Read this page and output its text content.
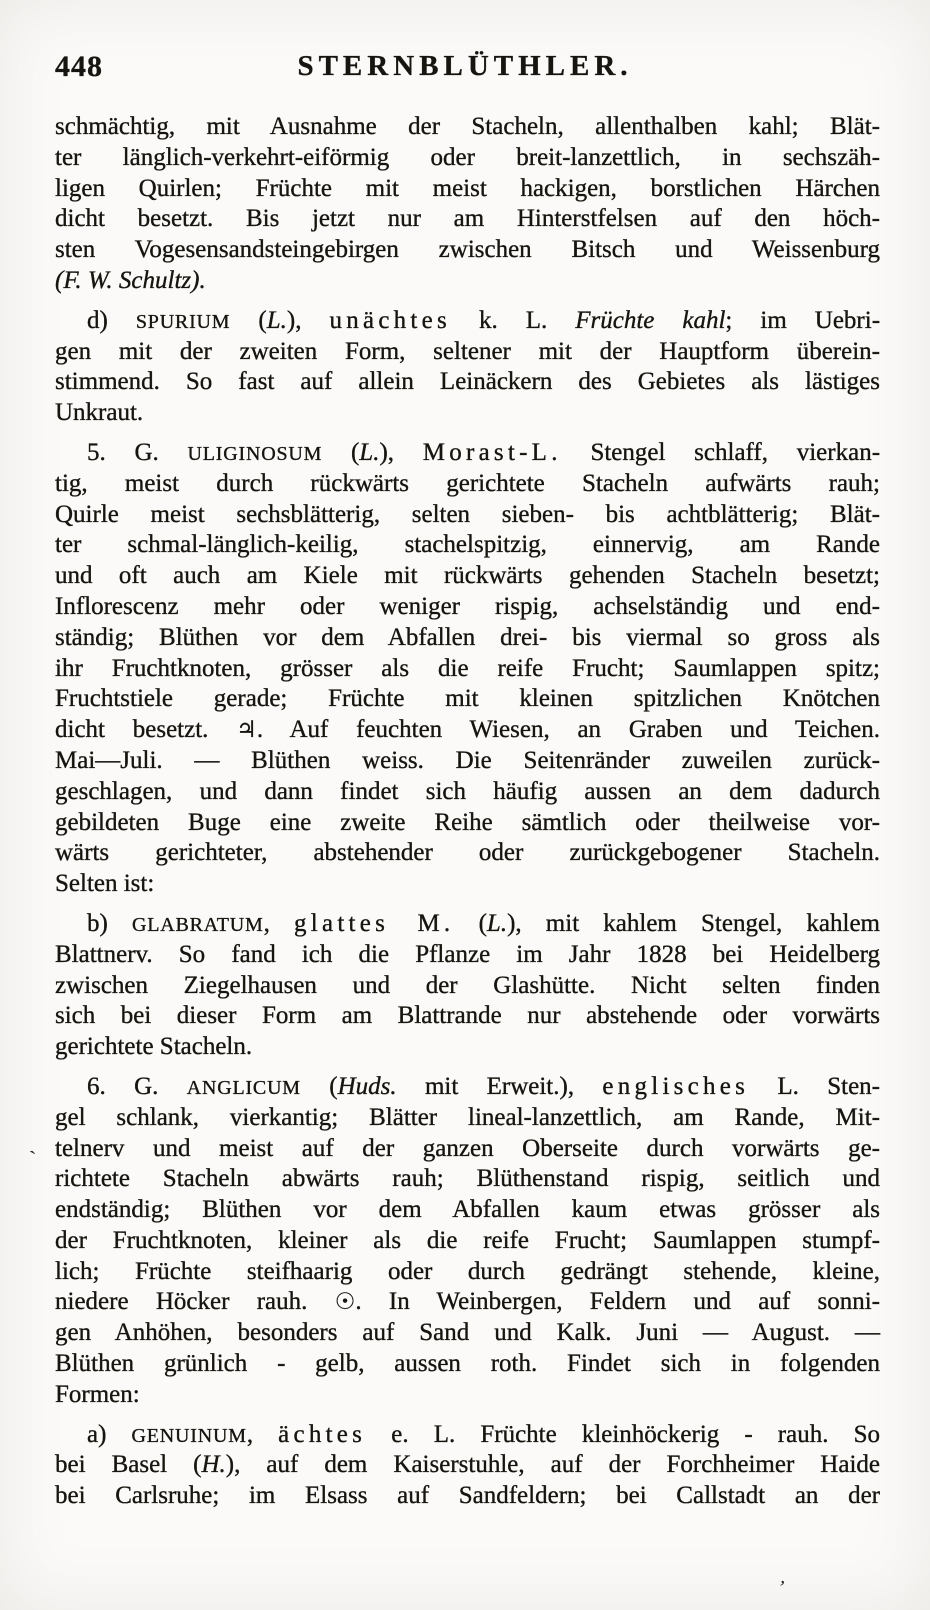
448	STERNBLÜTHLER.
schmächtig, mit Ausnahme der Stacheln, allenthalben kahl; Blät-
ter länglich-verkehrt-eiförmig oder breit-lanzettlich, in sechszäh-
ligen Quirlen; Früchte mit meist hackigen, borstlichen Härchen
dicht besetzt. Bis jetzt nur am Hinterstfelsen auf den höch-
sten Vogesensandsteingebirgen zwischen Bitsch und Weissenburg
(F. W. Schultz).
d) SPURIUM (L.), unächtes k. L. Früchte kahl; im Uebri-
gen mit der zweiten Form, seltener mit der Hauptform überein-
stimmend. So fast auf allein Leinäckern des Gebietes als lästiges
Unkraut.
5. G. ULIGINOSUM (L.), Morast-L. Stengel schlaff, vierkan-
tig, meist durch rückwärts gerichtete Stacheln aufwärts rauh;
Quirle meist sechsblätterig, selten sieben- bis achtblätterig; Blät-
ter schmal-länglich-keilig, stachelspitzig, einnervig, am Rande
und oft auch am Kiele mit rückwärts gehenden Stacheln besetzt;
Inflorescenz mehr oder weniger rispig, achselständig und end-
ständig; Blüthen vor dem Abfallen drei- bis viermal so gross als
ihr Fruchtknoten, grösser als die reife Frucht; Saumlappen spitz;
Fruchtstiele gerade; Früchte mit kleinen spitzlichen Knötchen
dicht besetzt. ♃. Auf feuchten Wiesen, an Graben und Teichen.
Mai—Juli. — Blüthen weiss. Die Seitenränder zuweilen zurück-
geschlagen, und dann findet sich häufig aussen an dem dadurch
gebildeten Buge eine zweite Reihe sämtlich oder theilweise vor-
wärts gerichteter, abstehender oder zurückgebogener Stacheln.
Selten ist:
b) GLABRATUM, glattes M. (L.), mit kahlem Stengel, kahlem
Blattnerv. So fand ich die Pflanze im Jahr 1828 bei Heidelberg
zwischen Ziegelhausen und der Glashütte. Nicht selten finden
sich bei dieser Form am Blattrande nur abstehende oder vorwärts
gerichtete Stacheln.
6. G. ANGLICUM (Huds. mit Erweit.), englisches L. Sten-
gel schlank, vierkantig; Blätter lineal-lanzettlich, am Rande, Mit-
telnerv und meist auf der ganzen Oberseite durch vorwärts ge-
richtete Stacheln abwärts rauh; Blüthenstand rispig, seitlich und
endständig; Blüthen vor dem Abfallen kaum etwas grösser als
der Fruchtknoten, kleiner als die reife Frucht; Saumlappen stumpf-
lich; Früchte steifhaarig oder durch gedrängt stehende, kleine,
niedere Höcker rauh. ☉. In Weinbergen, Feldern und auf sonni-
gen Anhöhen, besonders auf Sand und Kalk. Juni — August. —
Blüthen grünlich - gelb, aussen roth. Findet sich in folgenden
Formen:
a) GENUINUM, ächtes e. L. Früchte kleinhöckerig - rauh. So
bei Basel (H.), auf dem Kaiserstuhle, auf der Forchheimer Haide
bei Carlsruhe; im Elsass auf Sandfeldern; bei Callstadt an der
’
`
